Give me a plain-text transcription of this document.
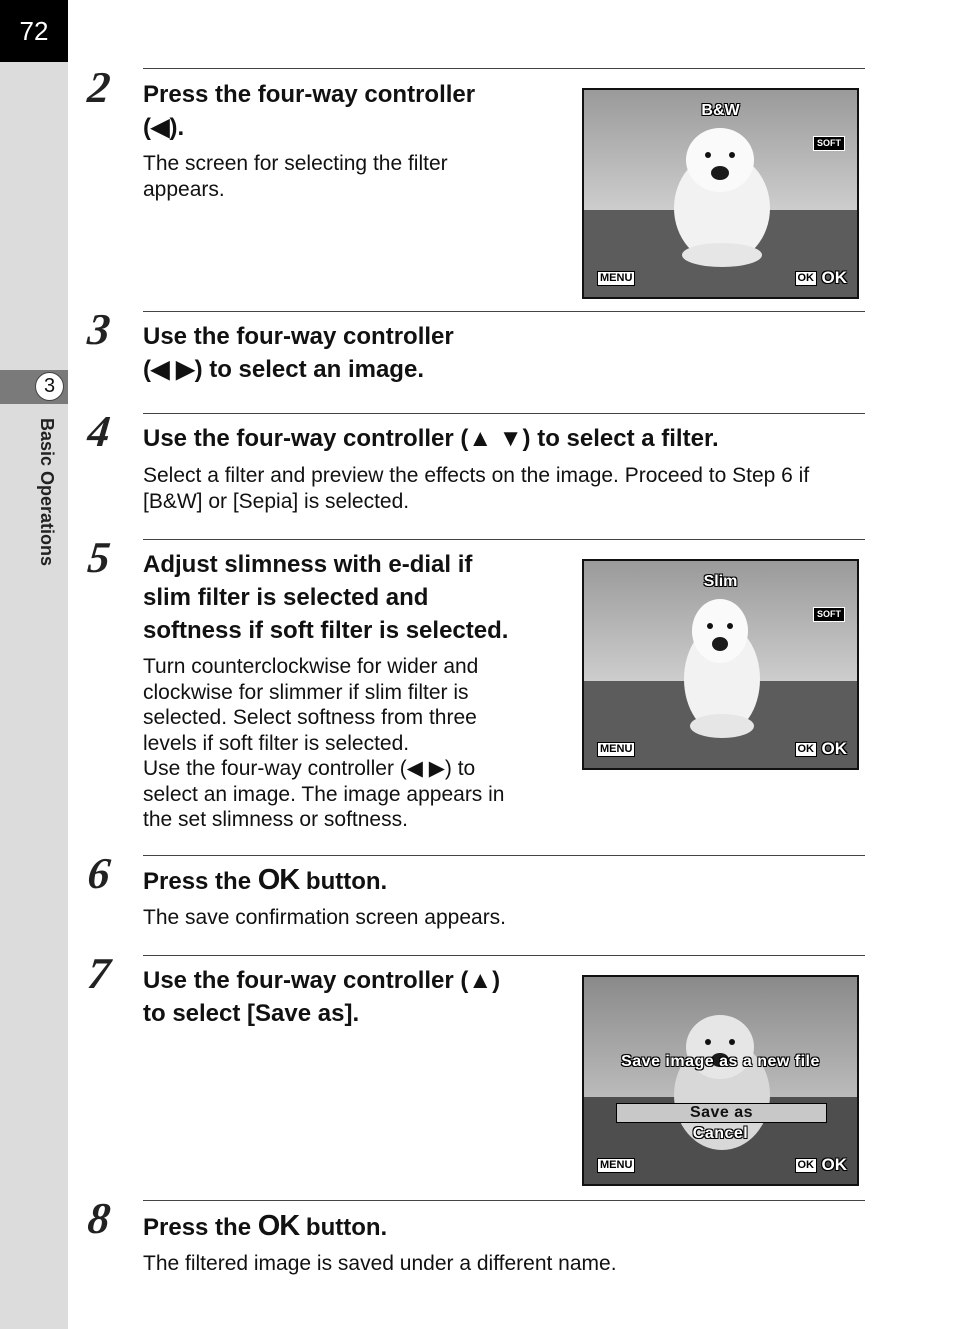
72
3
Basic Operations
2 Press the four-way controller
(◀).
The screen for selecting the filter
appears.
B&W
SOFT
MENU	OK OK
3 Use the four-way controller
(◀ ▶) to select an image.
4 Use the four-way controller (▲ ▼) to select a filter.
Select a filter and preview the effects on the image. Proceed to Step 6 if
[B&W] or [Sepia] is selected.
5 Adjust slimness with e-dial if
slim filter is selected and
softness if soft filter is selected.
Turn counterclockwise for wider and
clockwise for slimmer if slim filter is
selected. Select softness from three
levels if soft filter is selected.
Use the four-way controller (◀ ▶) to
select an image. The image appears in
the set slimness or softness.
Slim
SOFT
MENU	OK OK
6 Press the OK button.
The save confirmation screen appears.
7 Use the four-way controller (▲)
to select [Save as].
Save image as a new file
Save as
Cancel
MENU	OK OK
8 Press the OK button.
The filtered image is saved under a different name.
